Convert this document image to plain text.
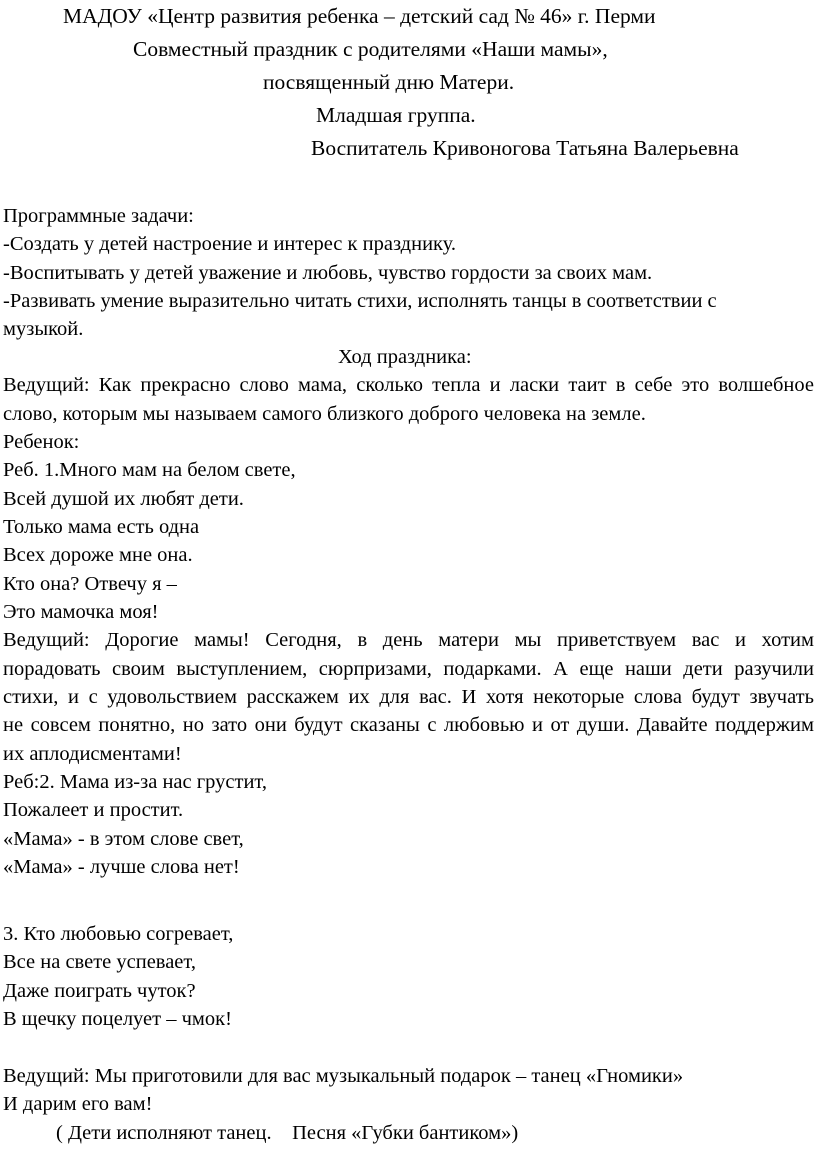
МАДОУ «Центр развития ребенка – детский сад № 46» г. Перми
Совместный праздник с родителями «Наши мамы»,
посвященный дню Матери.
Младшая группа.
Воспитатель Кривоногова Татьяна Валерьевна
Программные задачи:
-Создать у детей настроение и интерес к празднику.
-Воспитывать у детей уважение и любовь, чувство гордости за своих мам.
-Развивать умение выразительно читать стихи, исполнять танцы в соответствии с
музыкой.
Ход праздника:
Ведущий: Как прекрасно слово мама, сколько тепла и ласки таит в себе это волшебное
слово, которым мы называем самого близкого доброго человека на земле.
Ребенок:
Реб. 1.Много мам на белом свете,
Всей душой их любят дети.
Только мама есть одна
Всех дороже мне она.
Кто она? Отвечу я –
Это мамочка моя!
Ведущий: Дорогие мамы! Сегодня, в день матери мы приветствуем вас и хотим
порадовать своим выступлением, сюрпризами, подарками. А еще наши дети разучили
стихи, и с удовольствием расскажем их для вас. И хотя некоторые слова будут звучать
не совсем понятно, но зато они будут сказаны с любовью и от души. Давайте поддержим
их аплодисментами!
Реб:2. Мама из-за нас грустит,
Пожалеет и простит.
«Мама» - в этом слове свет,
«Мама» - лучше слова нет!
3. Кто любовью согревает,
Все на свете успевает,
Даже поиграть чуток?
В щечку поцелует – чмок!
Ведущий: Мы приготовили для вас музыкальный подарок – танец «Гномики»
И дарим его вам!
( Дети исполняют танец.    Песня «Губки бантиком»)
